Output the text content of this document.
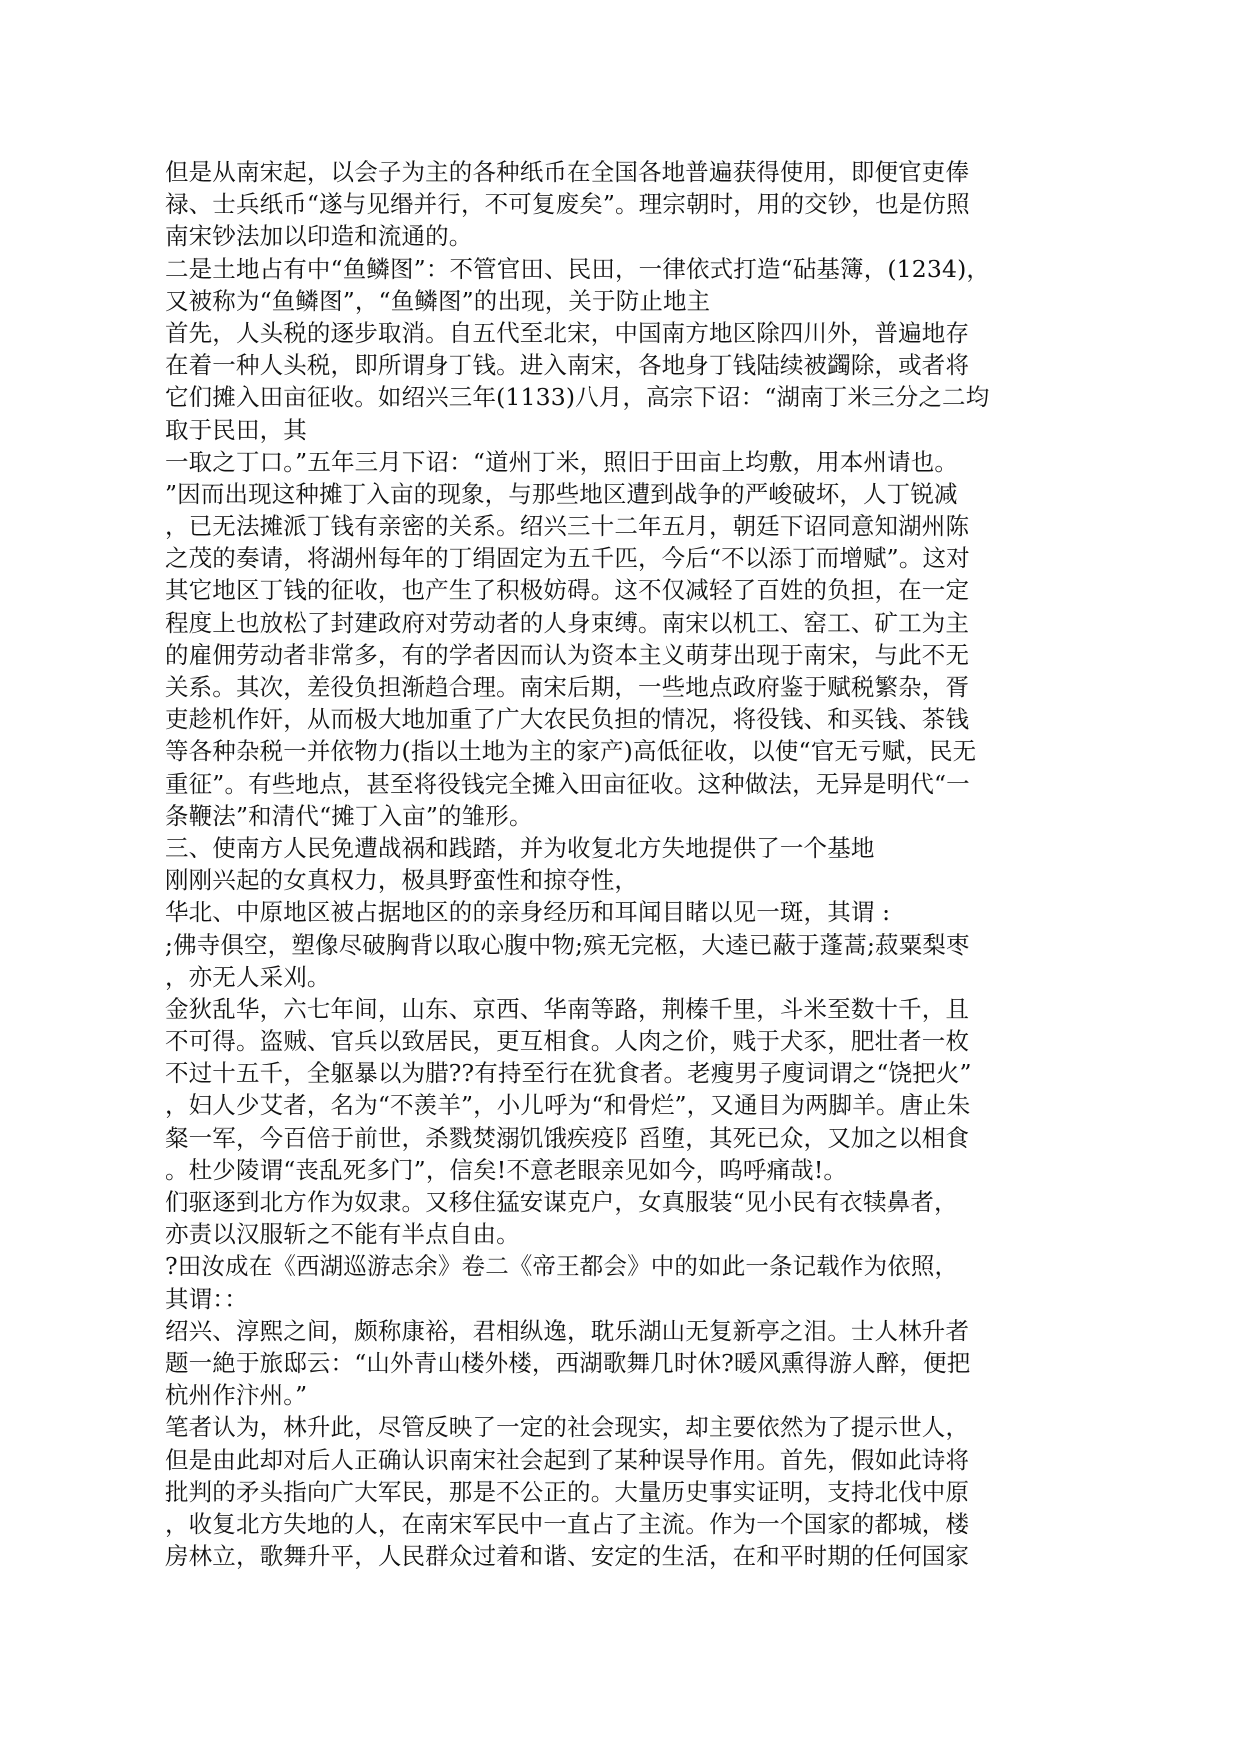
但是从南宋起，以会子为主的各种纸币在全国各地普遍获得使用，即便官吏俸
禄、士兵纸币“遂与见缗并行，不可复废矣”。理宗朝时，用的交钞，也是仿照
南宋钞法加以印造和流通的。
二是土地占有中“鱼鳞图”：不管官田、民田，一律依式打造“砧基簿，(1234)，
又被称为“鱼鳞图”，“鱼鳞图”的出现，关于防止地主
首先，人头税的逐步取消。自五代至北宋，中国南方地区除四川外，普遍地存
在着一种人头税，即所谓身丁钱。进入南宋，各地身丁钱陆续被蠲除，或者将
它们摊入田亩征收。如绍兴三年(1133)八月，高宗下诏：“湖南丁米三分之二均
取于民田，其
一取之丁口。”五年三月下诏：“道州丁米，照旧于田亩上均敷，用本州请也。
”因而出现这种摊丁入亩的现象，与那些地区遭到战争的严峻破坏，人丁锐减
，已无法摊派丁钱有亲密的关系。绍兴三十二年五月，朝廷下诏同意知湖州陈
之茂的奏请，将湖州每年的丁绢固定为五千匹，今后“不以添丁而增赋”。这对
其它地区丁钱的征收，也产生了积极妨碍。这不仅减轻了百姓的负担，在一定
程度上也放松了封建政府对劳动者的人身束缚。南宋以机工、窑工、矿工为主
的雇佣劳动者非常多，有的学者因而认为资本主义萌芽出现于南宋，与此不无
关系。其次，差役负担渐趋合理。南宋后期，一些地点政府鉴于赋税繁杂，胥
吏趁机作奸，从而极大地加重了广大农民负担的情况，将役钱、和买钱、茶钱
等各种杂税一并依物力(指以土地为主的家产)高低征收，以使“官无亏赋，民无
重征”。有些地点，甚至将役钱完全摊入田亩征收。这种做法，无异是明代“一
条鞭法”和清代“摊丁入亩”的雏形。
三、使南方人民免遭战祸和践踏，并为收复北方失地提供了一个基地
刚刚兴起的女真权力，极具野蛮性和掠夺性，
华北、中原地区被占据地区的的亲身经历和耳闻目睹以见一斑，其谓 :
;佛寺俱空，塑像尽破胸背以取心腹中物;殡无完柩，大逵已蔽于蓬蒿;菽粟梨枣
，亦无人采刈。
金狄乱华，六七年间，山东、京西、华南等路，荆榛千里，斗米至数十千，且
不可得。盗贼、官兵以致居民，更互相食。人肉之价，贱于犬豕，肥壮者一枚
不过十五千，全躯暴以为腊??有持至行在犹食者。老瘦男子廋词谓之“饶把火”
，妇人少艾者，名为“不羡羊”，小儿呼为“和骨烂”，又通目为两脚羊。唐止朱
粲一军，今百倍于前世，杀戮焚溺饥饿疾疫阝舀堕，其死已众，又加之以相食
。杜少陵谓“丧乱死多门”，信矣!不意老眼亲见如今，呜呼痛哉!。
们驱逐到北方作为奴隶。又移住猛安谋克户，女真服装“见小民有衣犊鼻者，
亦责以汉服斩之不能有半点自由。
?田汝成在《西湖巡游志余》卷二《帝王都会》中的如此一条记载作为依照，
其谓：：
绍兴、淳熙之间，颇称康裕，君相纵逸，耽乐湖山无复新亭之泪。士人林升者
题一絶于旅邸云：“山外青山楼外楼，西湖歌舞几时休?暖风熏得游人醉，便把
杭州作汴州。”
笔者认为，林升此，尽管反映了一定的社会现实，却主要依然为了提示世人，
但是由此却对后人正确认识南宋社会起到了某种误导作用。首先，假如此诗将
批判的矛头指向广大军民，那是不公正的。大量历史事实证明，支持北伐中原
，收复北方失地的人，在南宋军民中一直占了主流。作为一个国家的都城，楼
房林立，歌舞升平，人民群众过着和谐、安定的生活，在和平时期的任何国家
